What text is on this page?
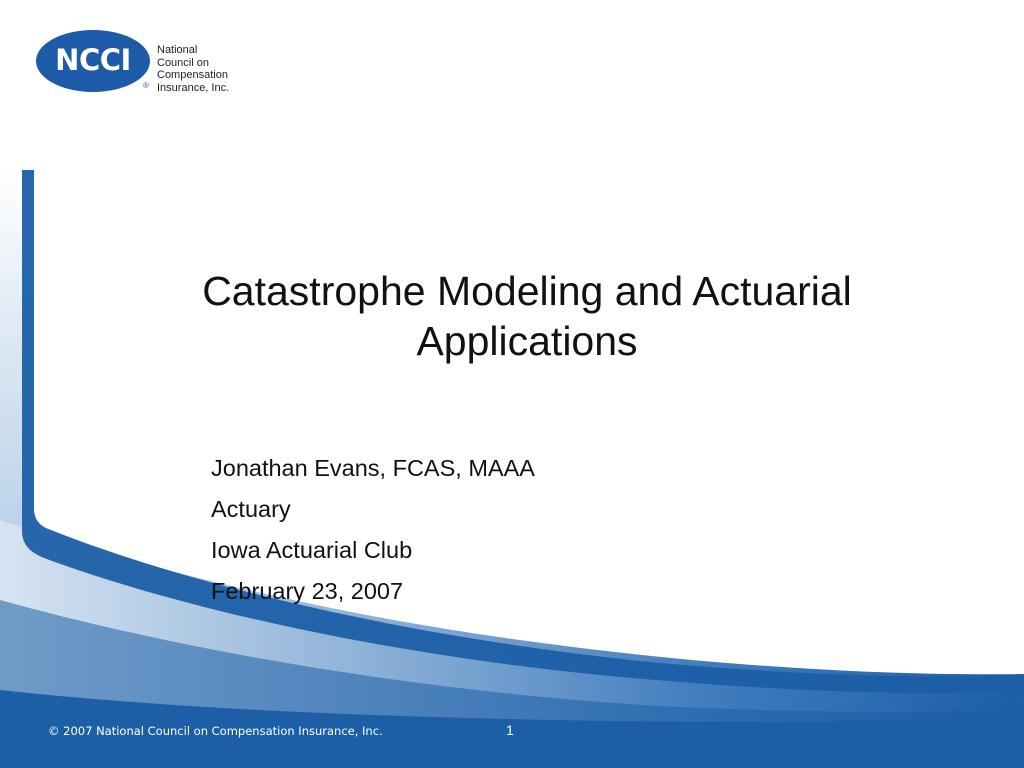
NCCI
®
National
Council on
Compensation
Insurance, Inc.
Catastrophe Modeling and Actuarial
Applications
Jonathan Evans, FCAS, MAAA
Actuary
Iowa Actuarial Club
February 23, 2007
© 2007 National Council on Compensation Insurance, Inc.	1
